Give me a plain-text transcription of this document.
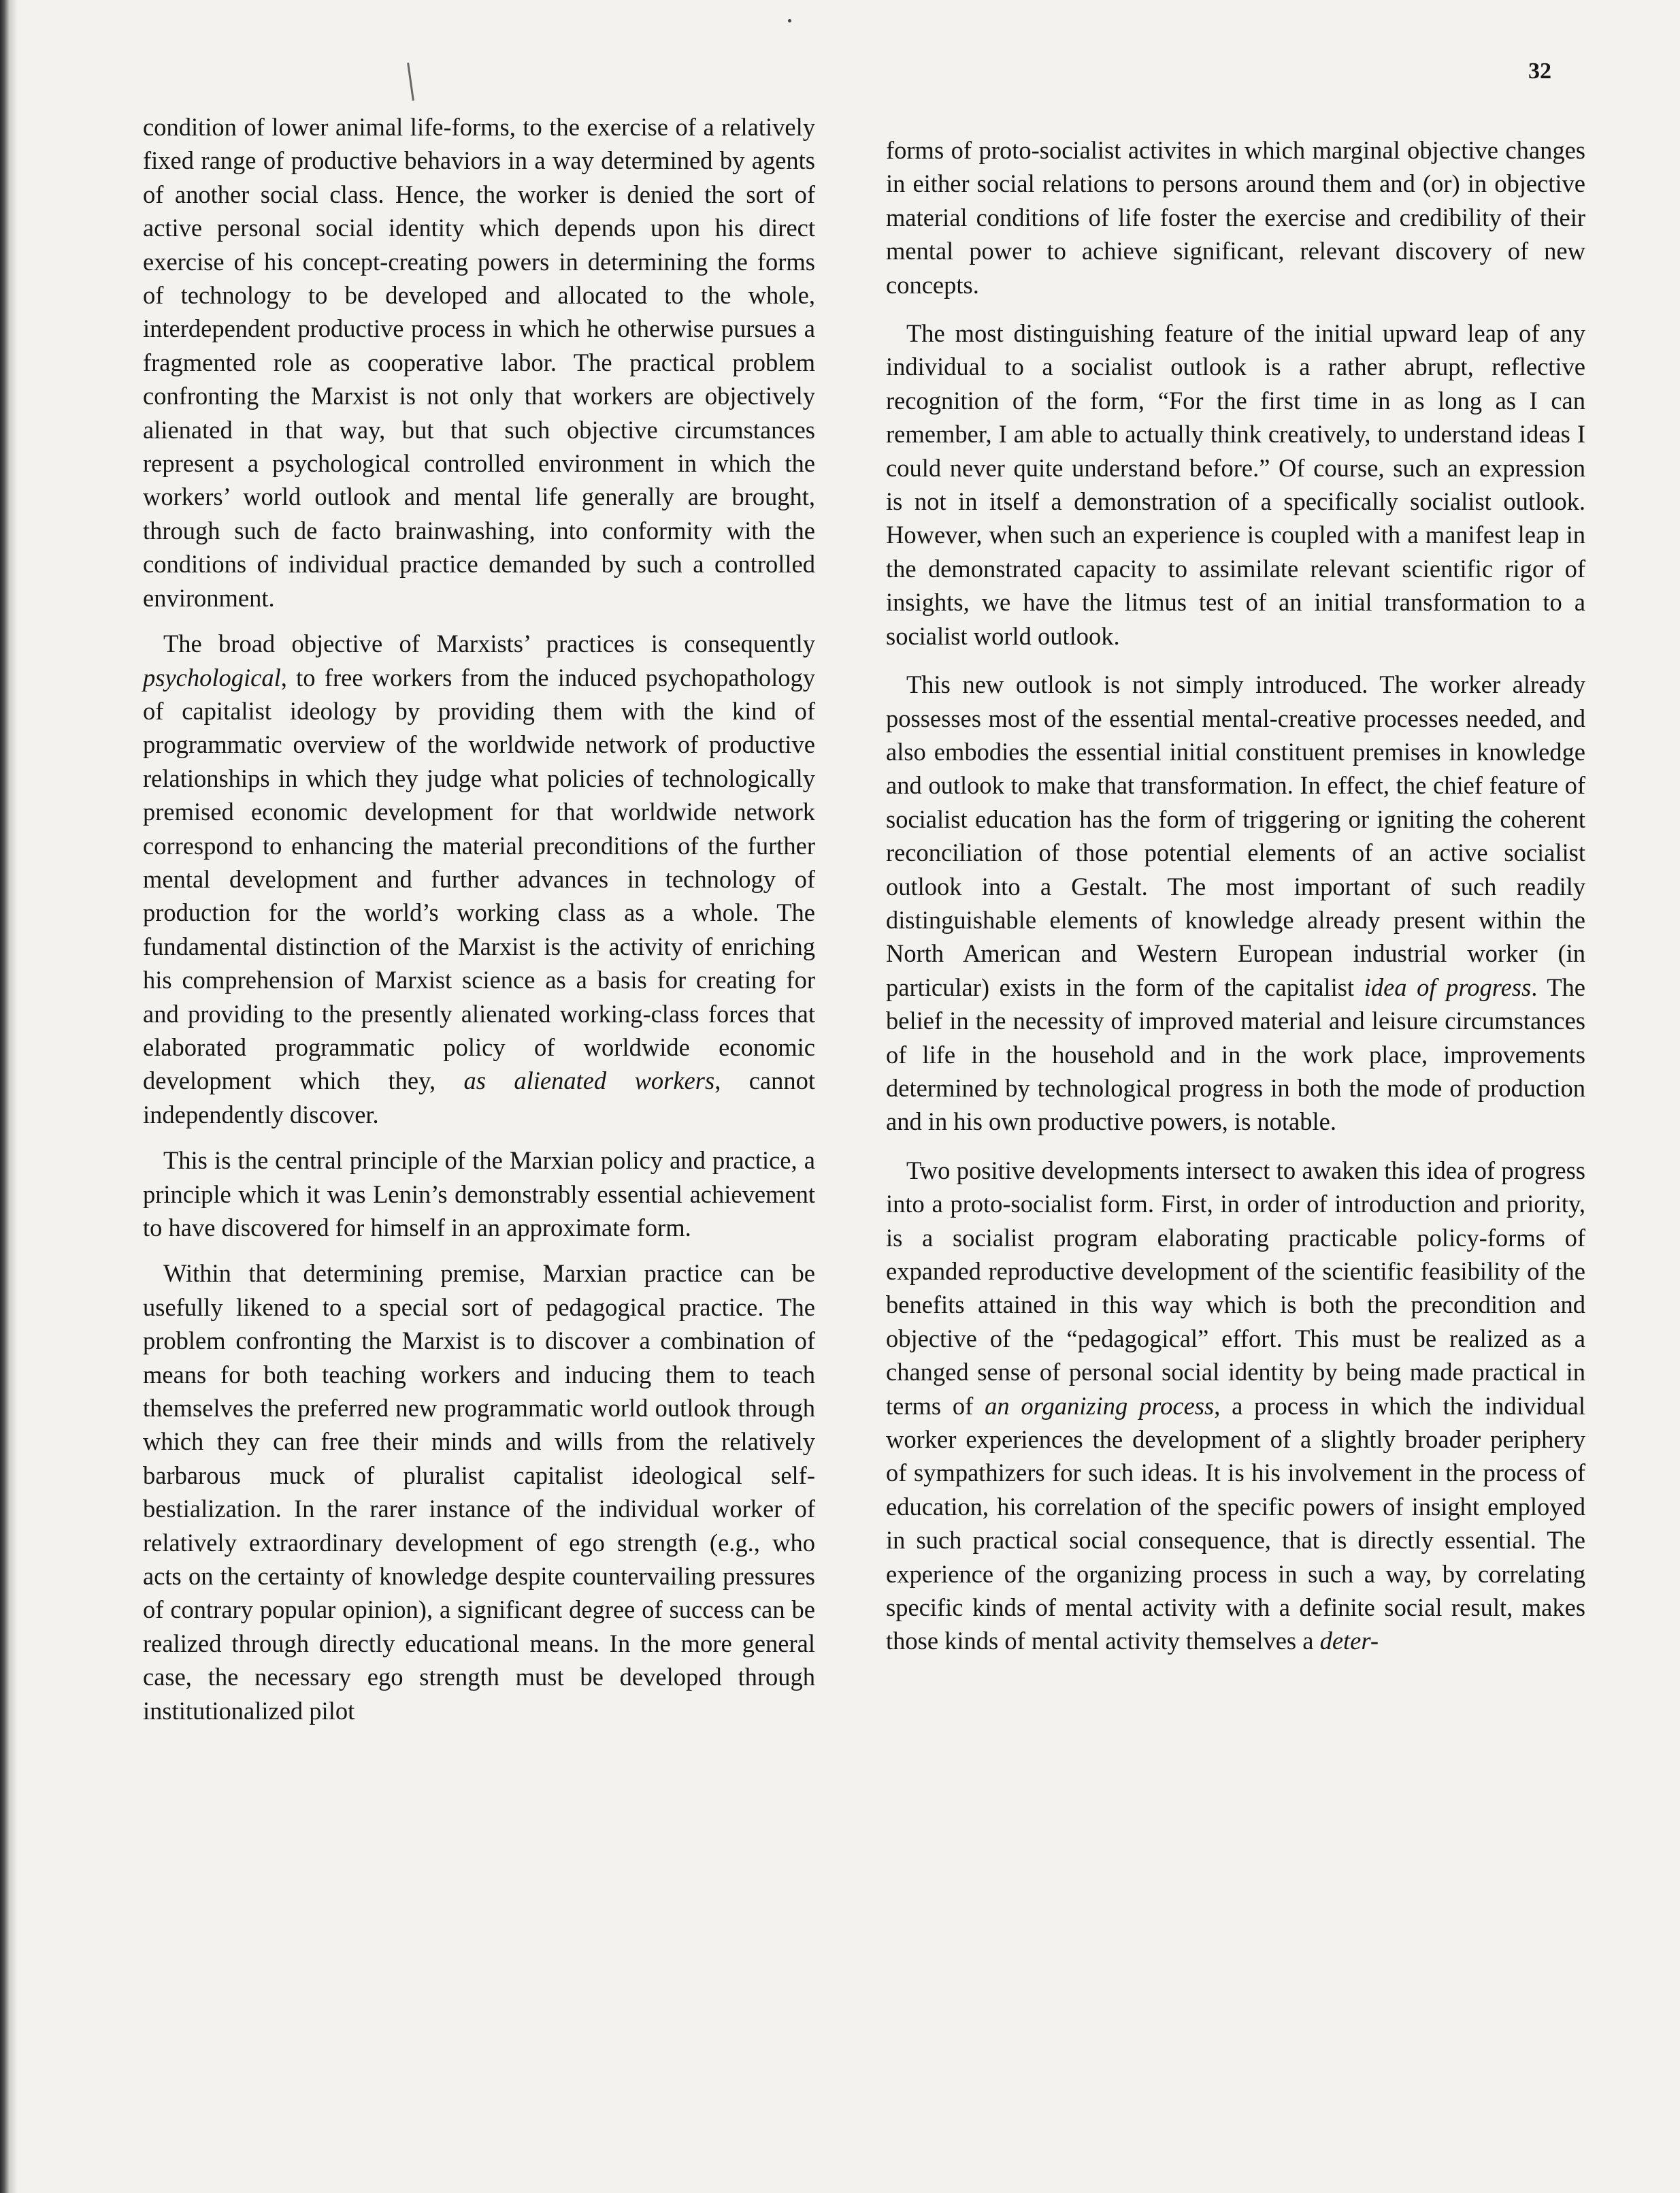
32

condition of lower animal life-forms, to the exercise of a relatively fixed range of productive behaviors in a way determined by agents of another social class. Hence, the worker is denied the sort of active personal social identity which depends upon his direct exercise of his concept-creating powers in determining the forms of technology to be developed and allocated to the whole, interdependent productive process in which he otherwise pursues a fragmented role as cooperative labor. The practical problem confronting the Marxist is not only that workers are objectively alienated in that way, but that such objective circumstances represent a psychological controlled environment in which the workers’ world outlook and mental life generally are brought, through such de facto brainwashing, into conformity with the conditions of individual practice demanded by such a controlled environment.

The broad objective of Marxists’ practices is consequently psychological, to free workers from the induced psychopathology of capitalist ideology by providing them with the kind of programmatic overview of the worldwide network of productive relationships in which they judge what policies of technologically premised economic development for that worldwide network correspond to enhancing the material preconditions of the further mental development and further advances in technology of production for the world’s working class as a whole. The fundamental distinction of the Marxist is the activity of enriching his comprehension of Marxist science as a basis for creating for and providing to the presently alienated working-class forces that elaborated programmatic policy of worldwide economic development which they, as alienated workers, cannot independently discover.

This is the central principle of the Marxian policy and practice, a principle which it was Lenin’s demonstrably essential achievement to have discovered for himself in an approximate form.

Within that determining premise, Marxian practice can be usefully likened to a special sort of pedagogical practice. The problem confronting the Marxist is to discover a combination of means for both teaching workers and inducing them to teach themselves the preferred new programmatic world outlook through which they can free their minds and wills from the relatively barbarous muck of pluralist capitalist ideological self-bestialization. In the rarer instance of the individual worker of relatively extraordinary development of ego strength (e.g., who acts on the certainty of knowledge despite countervailing pressures of contrary popular opinion), a significant degree of success can be realized through directly educational means. In the more general case, the necessary ego strength must be developed through institutionalized pilot

forms of proto-socialist activites in which marginal objective changes in either social relations to persons around them and (or) in objective material conditions of life foster the exercise and credibility of their mental power to achieve significant, relevant discovery of new concepts.

The most distinguishing feature of the initial upward leap of any individual to a socialist outlook is a rather abrupt, reflective recognition of the form, “For the first time in as long as I can remember, I am able to actually think creatively, to understand ideas I could never quite understand before.” Of course, such an expression is not in itself a demonstration of a specifically socialist outlook. However, when such an experience is coupled with a manifest leap in the demonstrated capacity to assimilate relevant scientific rigor of insights, we have the litmus test of an initial transformation to a socialist world outlook.

This new outlook is not simply introduced. The worker already possesses most of the essential mental-creative processes needed, and also embodies the essential initial constituent premises in knowledge and outlook to make that transformation. In effect, the chief feature of socialist education has the form of triggering or igniting the coherent reconciliation of those potential elements of an active socialist outlook into a Gestalt. The most important of such readily distinguishable elements of knowledge already present within the North American and Western European industrial worker (in particular) exists in the form of the capitalist idea of progress. The belief in the necessity of improved material and leisure circumstances of life in the household and in the work place, improvements determined by technological progress in both the mode of production and in his own productive powers, is notable.

Two positive developments intersect to awaken this idea of progress into a proto-socialist form. First, in order of introduction and priority, is a socialist program elaborating practicable policy-forms of expanded reproductive development of the scientific feasibility of the benefits attained in this way which is both the precondition and objective of the “pedagogical” effort. This must be realized as a changed sense of personal social identity by being made practical in terms of an organizing process, a process in which the individual worker experiences the development of a slightly broader periphery of sympathizers for such ideas. It is his involvement in the process of education, his correlation of the specific powers of insight employed in such practical social consequence, that is directly essential. The experience of the organizing process in such a way, by correlating specific kinds of mental activity with a definite social result, makes those kinds of mental activity themselves a deter-
